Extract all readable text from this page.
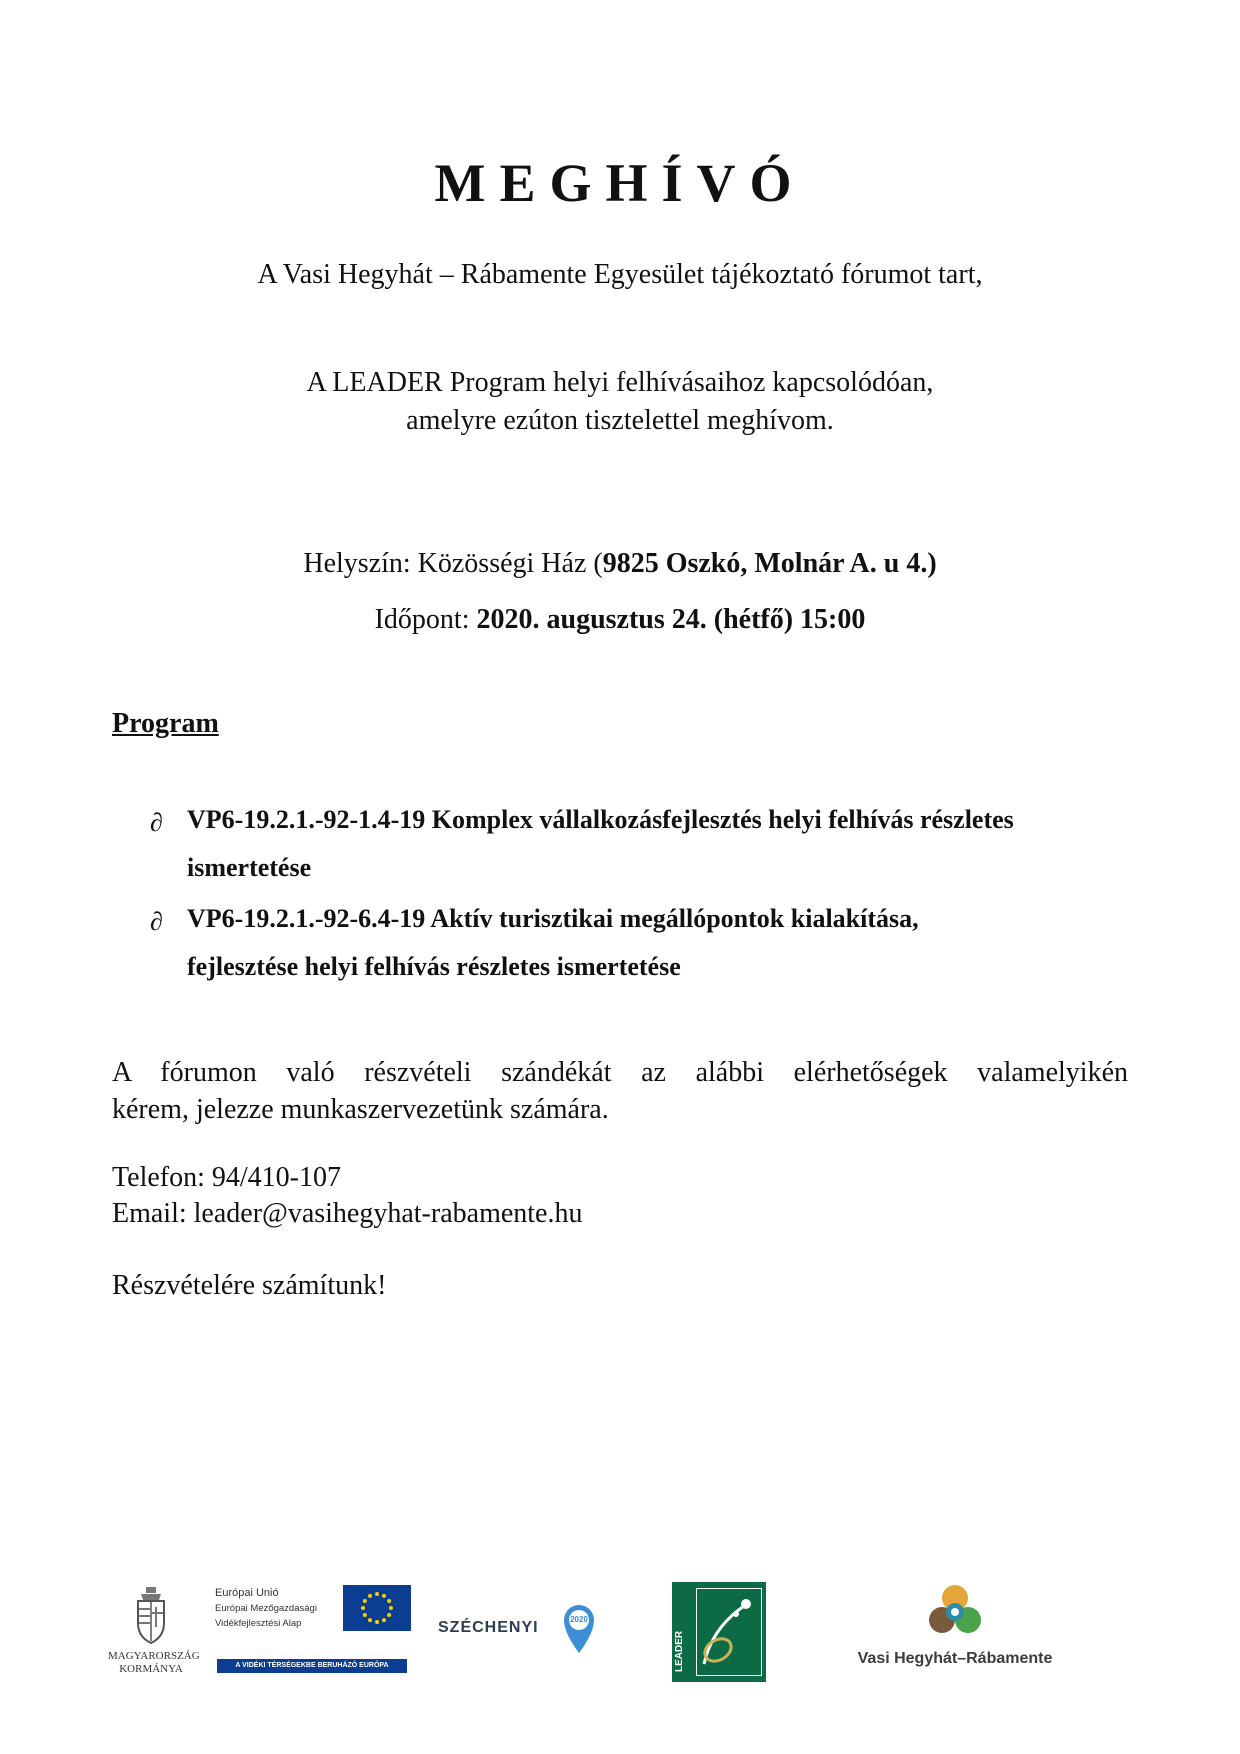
MEGHÍVÓ
A Vasi Hegyhát – Rábamente Egyesület tájékoztató fórumot tart,
A LEADER Program helyi felhívásaihoz kapcsolódóan,
amelyre ezúton tisztelettel meghívom.
Helyszín: Közösségi Ház (9825 Oszkó, Molnár A. u 4.)
Időpont: 2020. augusztus 24. (hétfő) 15:00
Program
∂ VP6-19.2.1.-92-1.4-19 Komplex vállalkozásfejlesztés helyi felhívás részletes
ismertetése
∂ VP6-19.2.1.-92-6.4-19 Aktív turisztikai megállópontok kialakítása,
fejlesztése helyi felhívás részletes ismertetése
A fórumon való részvételi szándékát az alábbi elérhetőségek valamelyikén
kérem, jelezze munkaszervezetünk számára.
Telefon: 94/410-107
Email: leader@vasihegyhat-rabamente.hu
Részvételére számítunk!
MAGYARORSZÁG
KORMÁNYA
Európai Unió
Európai Mezőgazdasági
Vidékfejlesztési Alap
A VIDÉKI TÉRSÉGEKBE BERUHÁZÓ EURÓPA
SZÉCHENYI	2020
LEADER	Vasi Hegyhát–Rábamente
